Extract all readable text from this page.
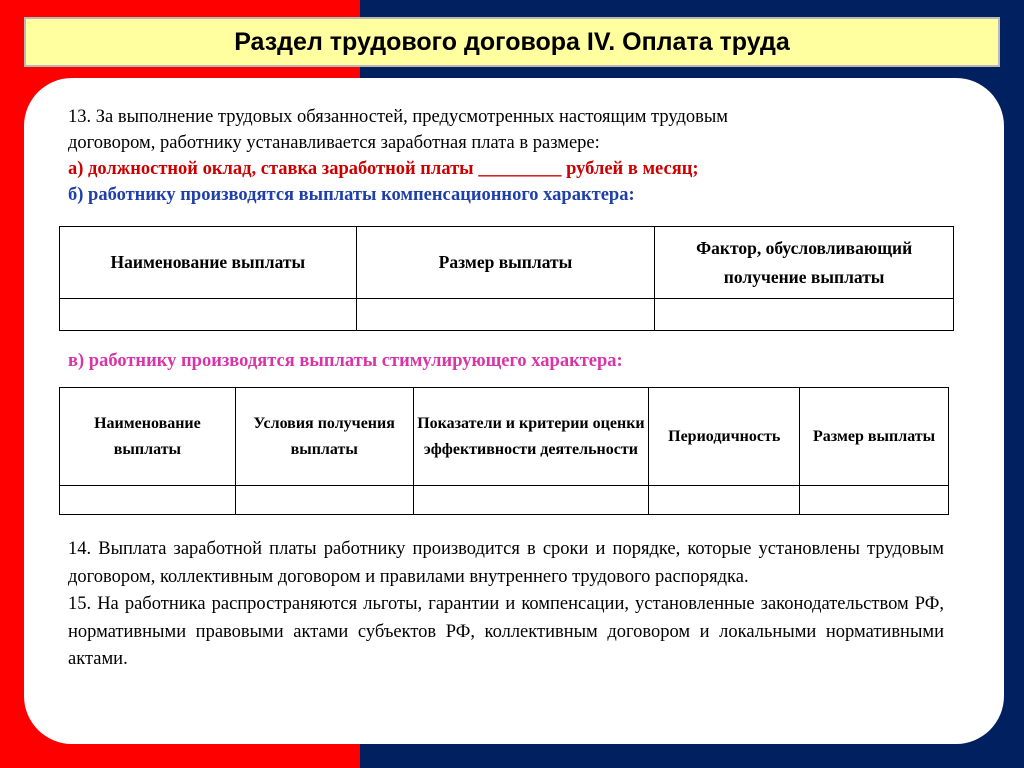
Раздел трудового договора IV. Оплата труда
13. За выполнение трудовых обязанностей, предусмотренных настоящим трудовым
договором, работнику устанавливается заработная плата в размере:
а) должностной оклад, ставка заработной платы _________ рублей в месяц;
б) работнику производятся выплаты компенсационного характера:
Наименование выплаты	Размер выплаты	Фактор, обусловливающий получение выплаты

в) работнику производятся выплаты стимулирующего характера:
Наименование выплаты	Условия получения выплаты	Показатели и критерии оценки эффективности деятельности	Периодичность	Размер выплаты

14. Выплата заработной платы работнику производится в сроки и порядке, которые установлены трудовым договором, коллективным договором и правилами внутреннего трудового распорядка.

15. На работника распространяются льготы, гарантии и компенсации, установленные законодательством РФ, нормативными правовыми актами субъектов РФ, коллективным договором и локальными нормативными актами.
